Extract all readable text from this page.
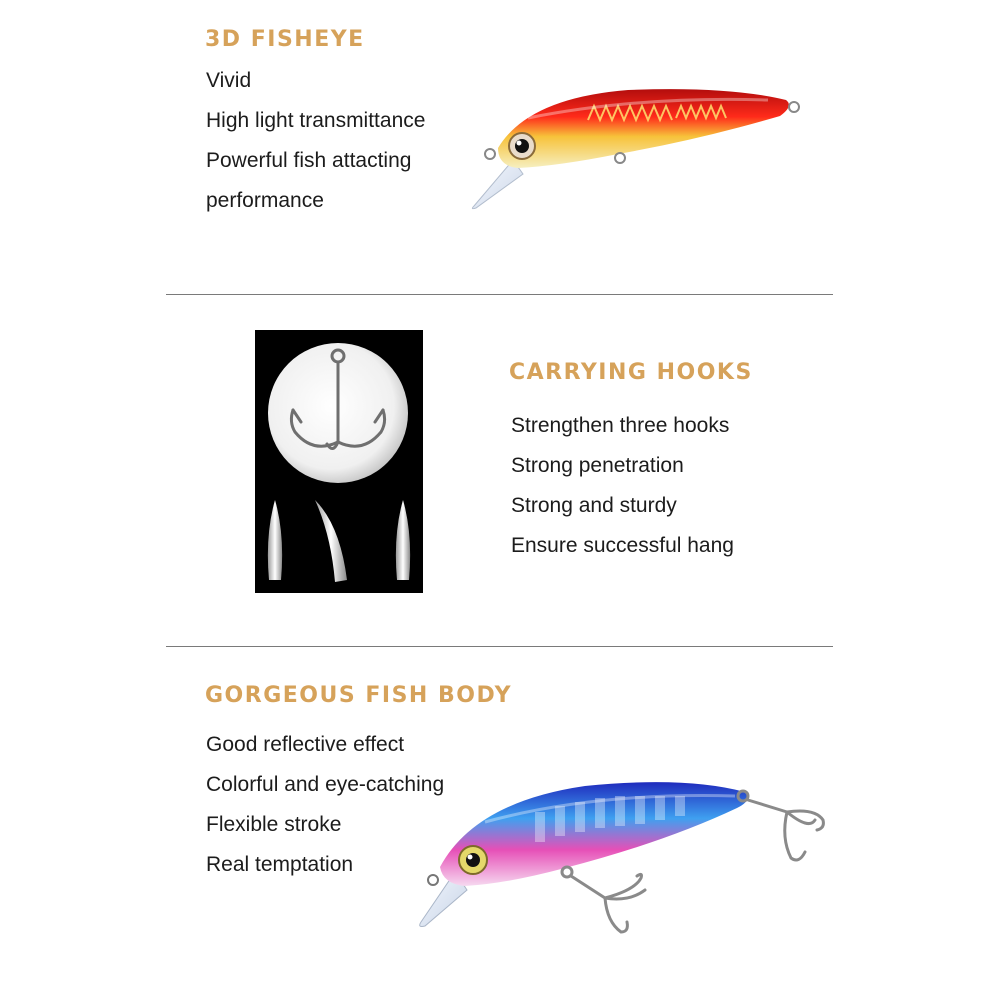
3D FISHEYE
Vivid
High light transmittance
Powerful fish attacting
performance
CARRYING HOOKS
Strengthen three hooks
Strong penetration
Strong and sturdy
Ensure successful hang
GORGEOUS FISH BODY
Good reflective effect
Colorful and eye-catching
Flexible stroke
Real temptation
